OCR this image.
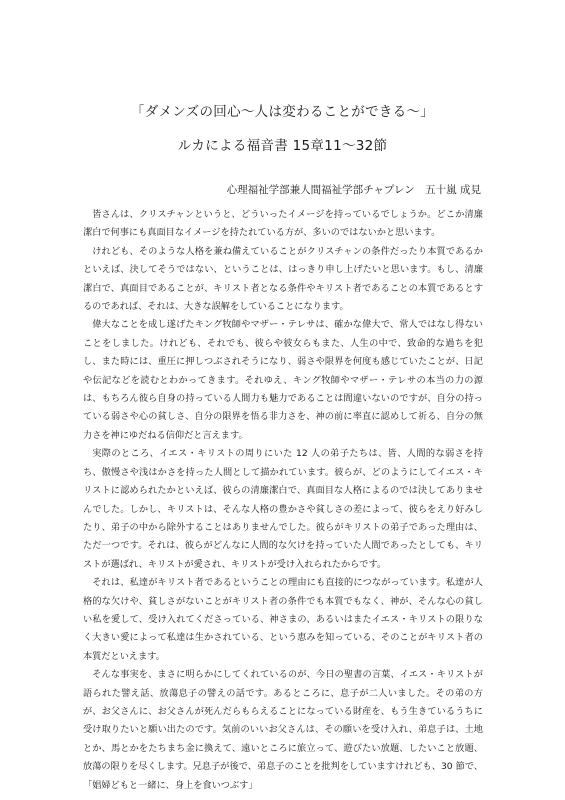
「ダメンズの回心～人は変わることができる～」
ルカによる福音書 15章11～32節
心理福祉学部兼人間福祉学部チャプレン　五十嵐 成見

皆さんは、クリスチャンというと、どういったイメージを持っているでしょうか。どこか清廉潔白で何事にも真面目なイメージを持たれている方が、多いのではないかと思います。

けれども、そのような人格を兼ね備えていることがクリスチャンの条件だったり本質であるかといえば、決してそうではない、ということは、はっきり申し上げたいと思います。もし、清廉潔白で、真面目であることが、キリスト者となる条件やキリスト者であることの本質であるとするのであれば、それは、大きな誤解をしていることになります。

偉大なことを成し遂げたキング牧師やマザー・テレサは、確かな偉大で、常人ではなし得ないことをしました。けれども、それでも、彼らや彼女らもまた、人生の中で、致命的な過ちを犯し、また時には、重圧に押しつぶされそうになり、弱さや限界を何度も感じていたことが、日記や伝記などを読むとわかってきます。それゆえ、キング牧師やマザー・テレサの本当の力の源は、もちろん彼ら自身の持っている人間力も魅力であることは間違いないのですが、自分の持っている弱さや心の貧しさ、自分の限界を悟る非力さを、神の前に率直に認めして祈る、自分の無力さを神にゆだねる信仰だと言えます。

実際のところ、イエス・キリストの周りにいた 12 人の弟子たちは、皆、人間的な弱さを持ち、傲慢さや浅はかさを持った人間として描かれています。彼らが、どのようにしてイエス・キリストに認められたかといえば、彼らの清廉潔白で、真面目な人格によるのでは決してありませんでした。しかし、キリストは、そんな人格の豊かさや貧しさの差によって、彼らをえり好みしたり、弟子の中から除外することはありませんでした。彼らがキリストの弟子であった理由は、ただ一つです。それは、彼らがどんなに人間的な欠けを持っていた人間であったとしても、キリストが選ばれ、キリストが愛され、キリストが受け入れられたからです。

それは、私達がキリスト者であるということの理由にも直接的につながっています。私達が人格的な欠けや、貧しさがないことがキリスト者の条件でも本質でもなく、神が、そんな心の貧しい私を愛して、受け入れてくださっている、神さまの、あるいはまたイエス・キリストの限りなく大きい愛によって私達は生かされている、という恵みを知っている、そのことがキリスト者の本質だといえます。

そんな事実を、まさに明らかにしてくれているのが、今日の聖書の言葉、イエス・キリストが語られた譬え話、放蕩息子の譬えの話です。あるところに、息子が二人いました。その弟の方が、お父さんに、お父さんが死んだらもらえることになっている財産を、もう生きているうちに受け取りたいと願い出たのです。気前のいいお父さんは、その願いを受け入れ、弟息子は、土地とか、馬とかをたちまち金に換えて、遠いところに旅立って、遊びたい放題、したいこと放題、放蕩の限りを尽くします。兄息子が後で、弟息子のことを批判をしていますけれども、30 節で、「娼婦どもと一緒に、身上を食いつぶす」
